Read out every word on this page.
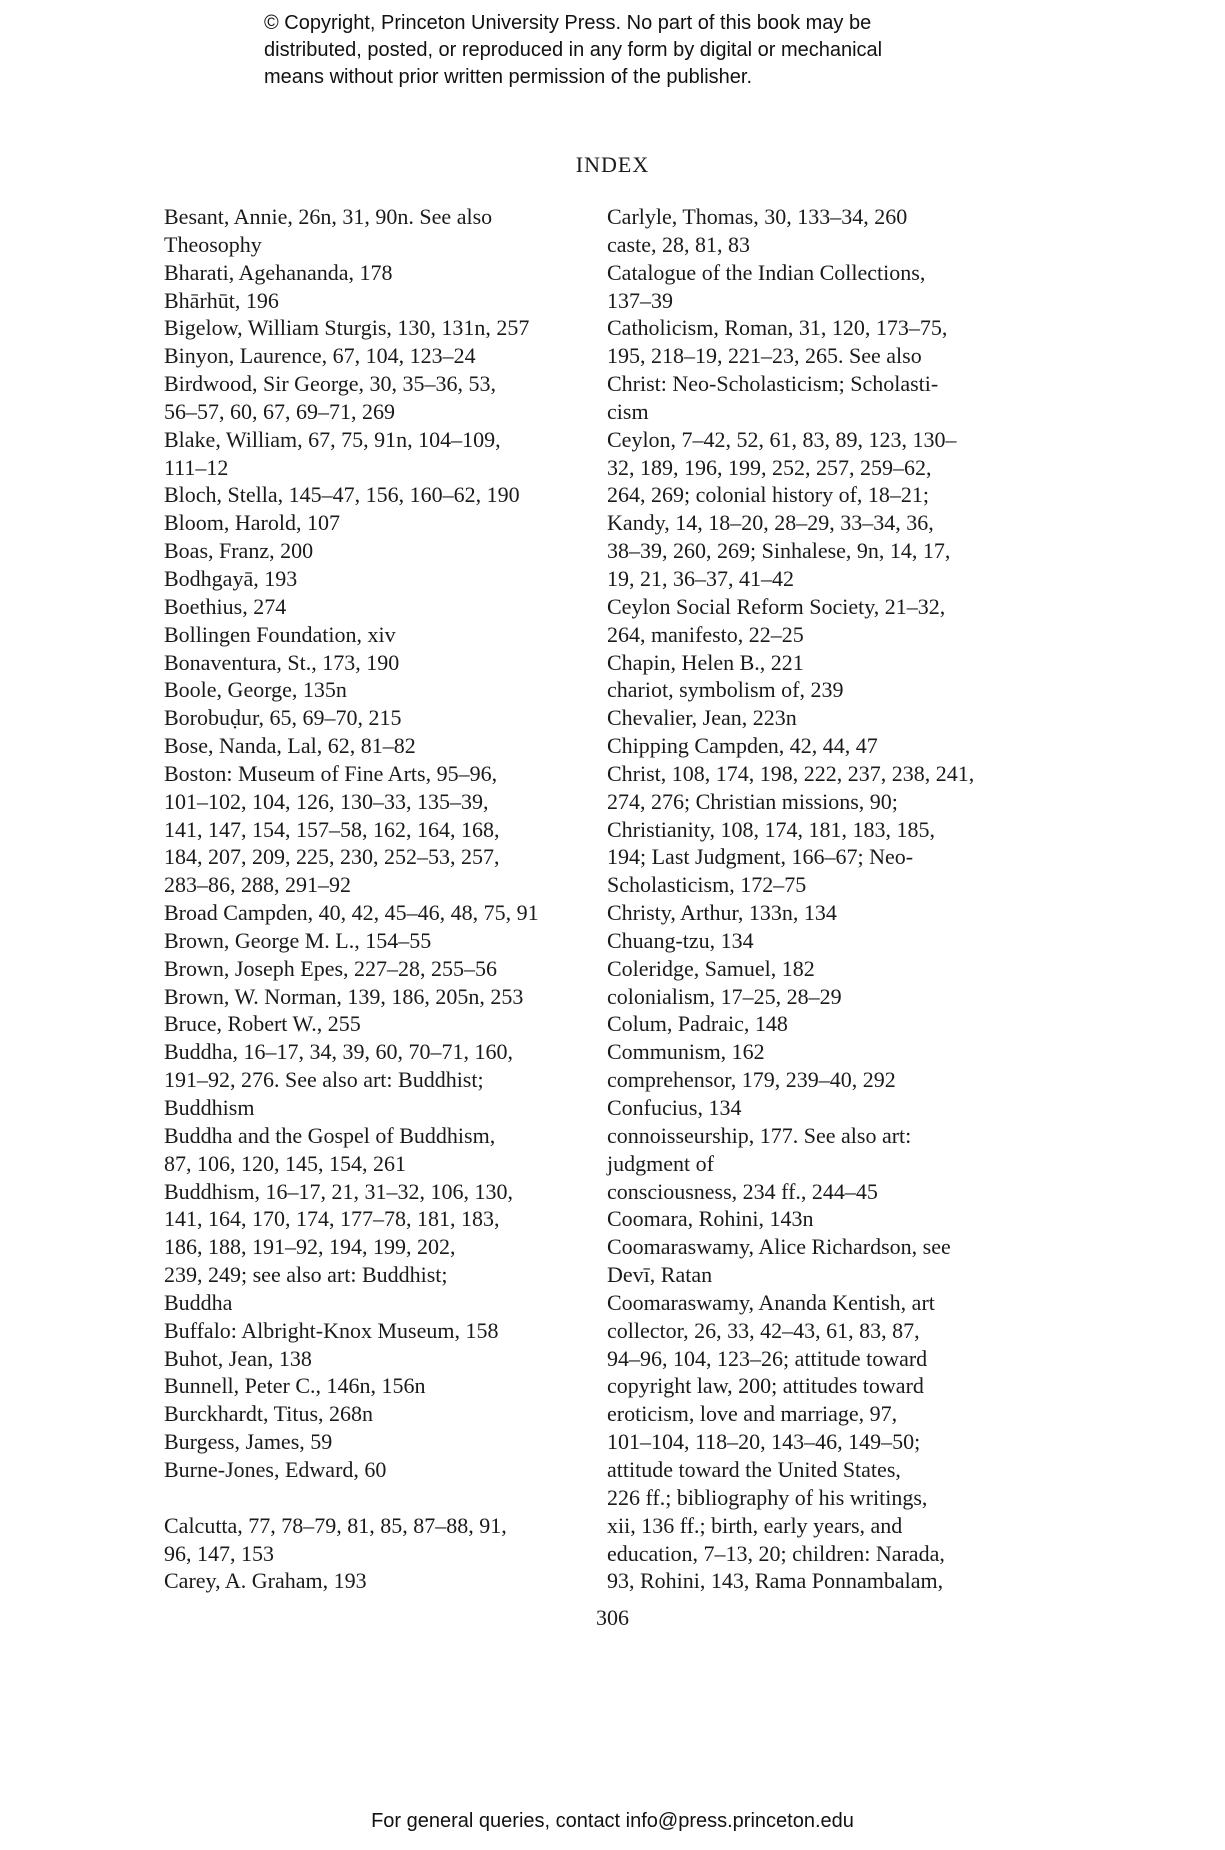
© Copyright, Princeton University Press. No part of this book may be
distributed, posted, or reproduced in any form by digital or mechanical
means without prior written permission of the publisher.
INDEX
Besant, Annie, 26n, 31, 90n. See also
Theosophy
Bharati, Agehananda, 178
Bhārhūt, 196
Bigelow, William Sturgis, 130, 131n, 257
Binyon, Laurence, 67, 104, 123–24
Birdwood, Sir George, 30, 35–36, 53,
56–57, 60, 67, 69–71, 269
Blake, William, 67, 75, 91n, 104–109,
111–12
Bloch, Stella, 145–47, 156, 160–62, 190
Bloom, Harold, 107
Boas, Franz, 200
Bodhgayā, 193
Boethius, 274
Bollingen Foundation, xiv
Bonaventura, St., 173, 190
Boole, George, 135n
Borobuḍur, 65, 69–70, 215
Bose, Nanda, Lal, 62, 81–82
Boston: Museum of Fine Arts, 95–96,
101–102, 104, 126, 130–33, 135–39,
141, 147, 154, 157–58, 162, 164, 168,
184, 207, 209, 225, 230, 252–53, 257,
283–86, 288, 291–92
Broad Campden, 40, 42, 45–46, 48, 75, 91
Brown, George M. L., 154–55
Brown, Joseph Epes, 227–28, 255–56
Brown, W. Norman, 139, 186, 205n, 253
Bruce, Robert W., 255
Buddha, 16–17, 34, 39, 60, 70–71, 160,
191–92, 276. See also art: Buddhist;
Buddhism
Buddha and the Gospel of Buddhism,
87, 106, 120, 145, 154, 261
Buddhism, 16–17, 21, 31–32, 106, 130,
141, 164, 170, 174, 177–78, 181, 183,
186, 188, 191–92, 194, 199, 202,
239, 249; see also art: Buddhist;
Buddha
Buffalo: Albright-Knox Museum, 158
Buhot, Jean, 138
Bunnell, Peter C., 146n, 156n
Burckhardt, Titus, 268n
Burgess, James, 59
Burne-Jones, Edward, 60
Calcutta, 77, 78–79, 81, 85, 87–88, 91,
96, 147, 153
Carey, A. Graham, 193
Carlyle, Thomas, 30, 133–34, 260
caste, 28, 81, 83
Catalogue of the Indian Collections,
137–39
Catholicism, Roman, 31, 120, 173–75,
195, 218–19, 221–23, 265. See also
Christ: Neo-Scholasticism; Scholasti-
cism
Ceylon, 7–42, 52, 61, 83, 89, 123, 130–
32, 189, 196, 199, 252, 257, 259–62,
264, 269; colonial history of, 18–21;
Kandy, 14, 18–20, 28–29, 33–34, 36,
38–39, 260, 269; Sinhalese, 9n, 14, 17,
19, 21, 36–37, 41–42
Ceylon Social Reform Society, 21–32,
264, manifesto, 22–25
Chapin, Helen B., 221
chariot, symbolism of, 239
Chevalier, Jean, 223n
Chipping Campden, 42, 44, 47
Christ, 108, 174, 198, 222, 237, 238, 241,
274, 276; Christian missions, 90;
Christianity, 108, 174, 181, 183, 185,
194; Last Judgment, 166–67; Neo-
Scholasticism, 172–75
Christy, Arthur, 133n, 134
Chuang-tzu, 134
Coleridge, Samuel, 182
colonialism, 17–25, 28–29
Colum, Padraic, 148
Communism, 162
comprehensor, 179, 239–40, 292
Confucius, 134
connoisseurship, 177. See also art:
judgment of
consciousness, 234 ff., 244–45
Coomara, Rohini, 143n
Coomaraswamy, Alice Richardson, see
Devī, Ratan
Coomaraswamy, Ananda Kentish, art
collector, 26, 33, 42–43, 61, 83, 87,
94–96, 104, 123–26; attitude toward
copyright law, 200; attitudes toward
eroticism, love and marriage, 97,
101–104, 118–20, 143–46, 149–50;
attitude toward the United States,
226 ff.; bibliography of his writings,
xii, 136 ff.; birth, early years, and
education, 7–13, 20; children: Narada,
93, Rohini, 143, Rama Ponnambalam,
306
For general queries, contact info@press.princeton.edu
